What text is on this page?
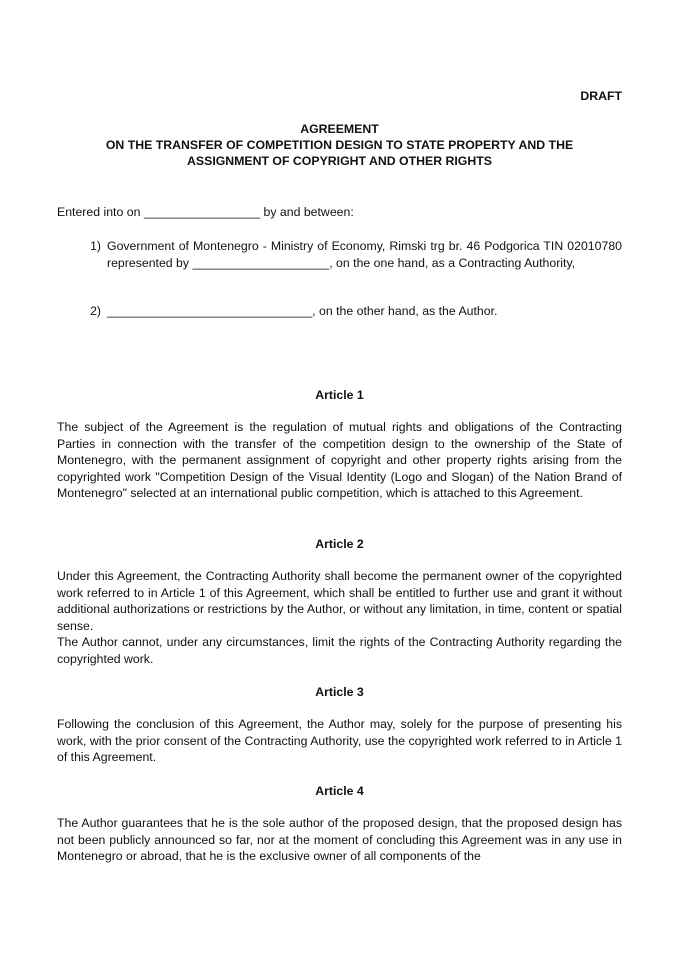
DRAFT
AGREEMENT
ON THE TRANSFER OF COMPETITION DESIGN TO STATE PROPERTY AND THE
ASSIGNMENT OF COPYRIGHT AND OTHER RIGHTS
Entered into on _________________ by and between:
1) Government of Montenegro - Ministry of Economy, Rimski trg br. 46 Podgorica TIN 02010780 represented by ____________________, on the one hand, as a Contracting Authority,
2) ______________________________, on the other hand, as the Author.
Article 1
The subject of the Agreement is the regulation of mutual rights and obligations of the Contracting Parties in connection with the transfer of the competition design to the ownership of the State of Montenegro, with the permanent assignment of copyright and other property rights arising from the copyrighted work "Competition Design of the Visual Identity (Logo and Slogan) of the Nation Brand of Montenegro" selected at an international public competition, which is attached to this Agreement.
Article 2
Under this Agreement, the Contracting Authority shall become the permanent owner of the copyrighted work referred to in Article 1 of this Agreement, which shall be entitled to further use and grant it without additional authorizations or restrictions by the Author, or without any limitation, in time, content or spatial sense.
The Author cannot, under any circumstances, limit the rights of the Contracting Authority regarding the copyrighted work.
Article 3
Following the conclusion of this Agreement, the Author may, solely for the purpose of presenting his work, with the prior consent of the Contracting Authority, use the copyrighted work referred to in Article 1 of this Agreement.
Article 4
The Author guarantees that he is the sole author of the proposed design, that the proposed design has not been publicly announced so far, nor at the moment of concluding this Agreement was in any use in Montenegro or abroad, that he is the exclusive owner of all components of the
